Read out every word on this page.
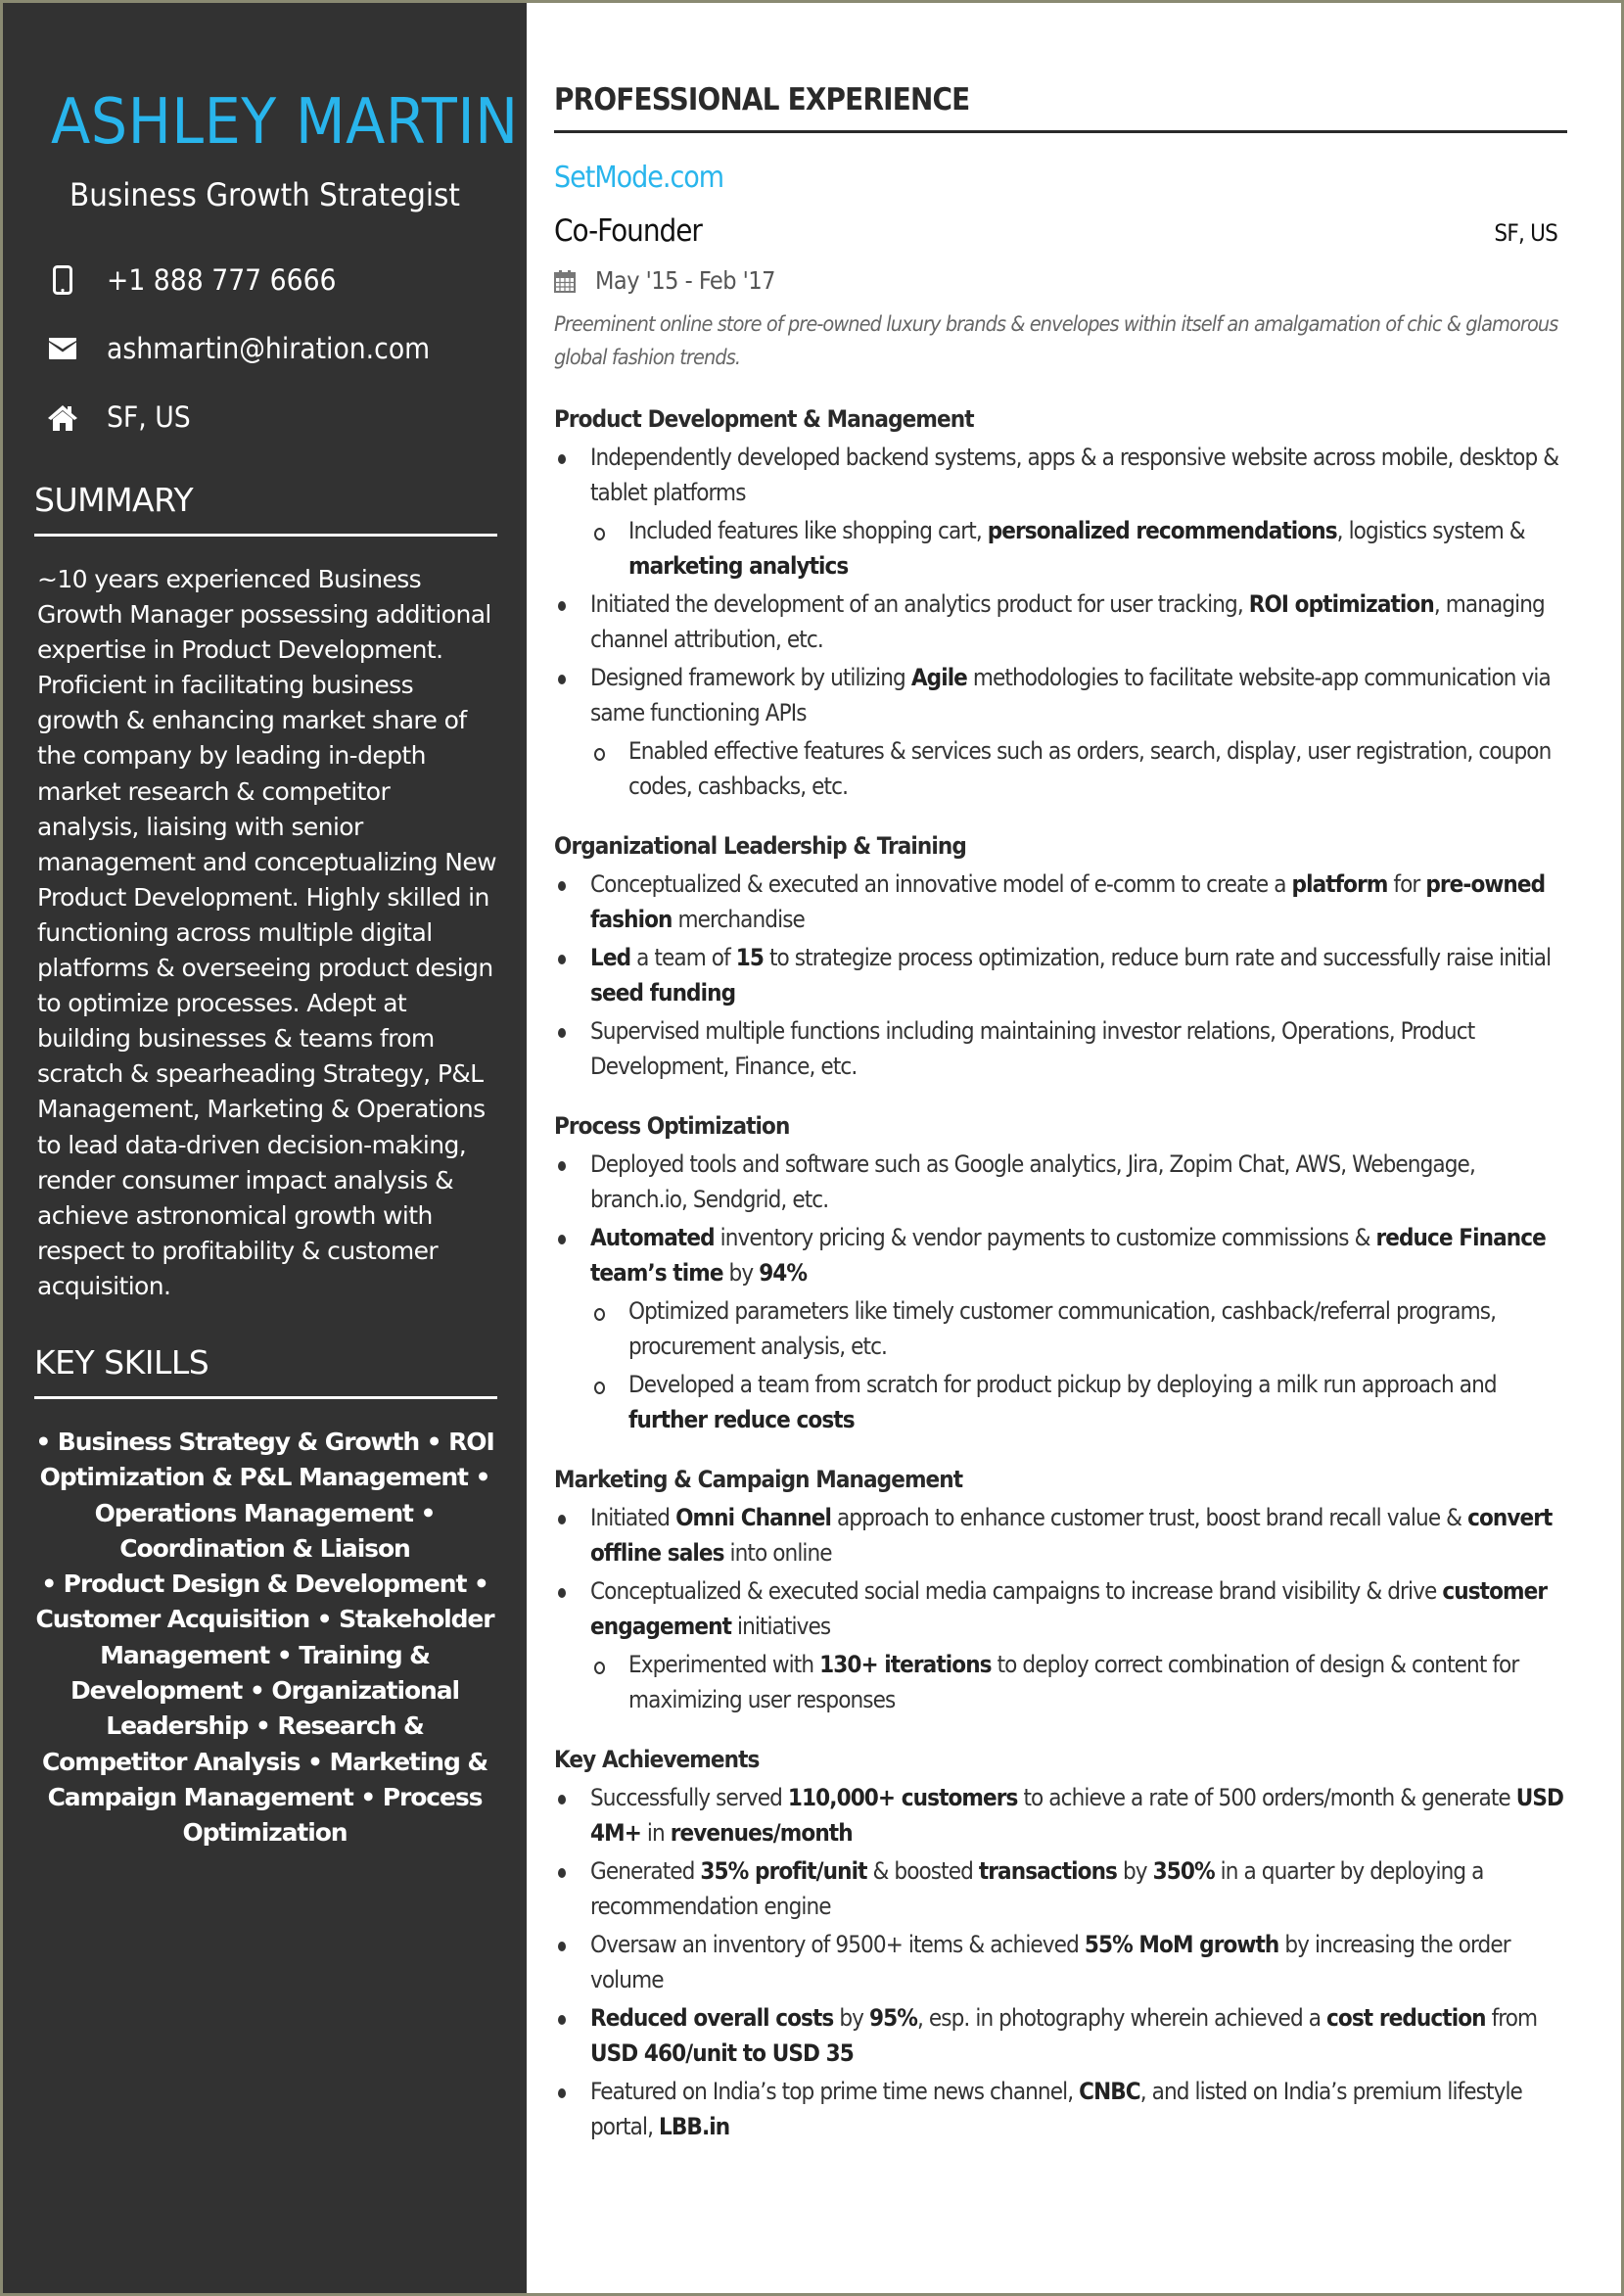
ASHLEY MARTIN
Business Growth Strategist
+1 888 777 6666
ashmartin@hiration.com
SF, US
SUMMARY

~10 years experienced Business Growth Manager possessing additional expertise in Product Development. Proficient in facilitating business growth & enhancing market share of the company by leading in-depth market research & competitor analysis, liaising with senior management and conceptualizing New Product Development. Highly skilled in functioning across multiple digital platforms & overseeing product design to optimize processes. Adept at building businesses & teams from scratch & spearheading Strategy, P&L Management, Marketing & Operations to lead data-driven decision-making, render consumer impact analysis & achieve astronomical growth with respect to profitability & customer acquisition.

KEY SKILLS

• Business Strategy & Growth • ROI Optimization & P&L Management • Operations Management • Coordination & Liaison

• Product Design & Development • Customer Acquisition • Stakeholder Management • Training & Development • Organizational Leadership • Research & Competitor Analysis • Marketing & Campaign Management • Process Optimization

PROFESSIONAL EXPERIENCE
SetMode.com
Co-Founder	SF, US
May '15 - Feb '17

Preeminent online store of pre-owned luxury brands & envelopes within itself an amalgamation of chic & glamorous global fashion trends.

Product Development & Management
Independently developed backend systems, apps & a responsive website across mobile, desktop & tablet platforms
Included features like shopping cart, personalized recommendations, logistics system & marketing analytics
Initiated the development of an analytics product for user tracking, ROI optimization, managing channel attribution, etc.
Designed framework by utilizing Agile methodologies to facilitate website-app communication via same functioning APIs
Enabled effective features & services such as orders, search, display, user registration, coupon codes, cashbacks, etc.
Organizational Leadership & Training
Conceptualized & executed an innovative model of e-comm to create a platform for pre-owned fashion merchandise
Led a team of 15 to strategize process optimization, reduce burn rate and successfully raise initial seed funding
Supervised multiple functions including maintaining investor relations, Operations, Product Development, Finance, etc.
Process Optimization
Deployed tools and software such as Google analytics, Jira, Zopim Chat, AWS, Webengage, branch.io, Sendgrid, etc.
Automated inventory pricing & vendor payments to customize commissions & reduce Finance team’s time by 94%
Optimized parameters like timely customer communication, cashback/referral programs, procurement analysis, etc.
Developed a team from scratch for product pickup by deploying a milk run approach and further reduce costs
Marketing & Campaign Management
Initiated Omni Channel approach to enhance customer trust, boost brand recall value & convert offline sales into online
Conceptualized & executed social media campaigns to increase brand visibility & drive customer engagement initiatives
Experimented with 130+ iterations to deploy correct combination of design & content for maximizing user responses
Key Achievements
Successfully served 110,000+ customers to achieve a rate of 500 orders/month & generate USD 4M+ in revenues/month
Generated 35% profit/unit & boosted transactions by 350% in a quarter by deploying a recommendation engine
Oversaw an inventory of 9500+ items & achieved 55% MoM growth by increasing the order volume
Reduced overall costs by 95%, esp. in photography wherein achieved a cost reduction from USD 460/unit to USD 35
Featured on India’s top prime time news channel, CNBC, and listed on India’s premium lifestyle portal, LBB.in
